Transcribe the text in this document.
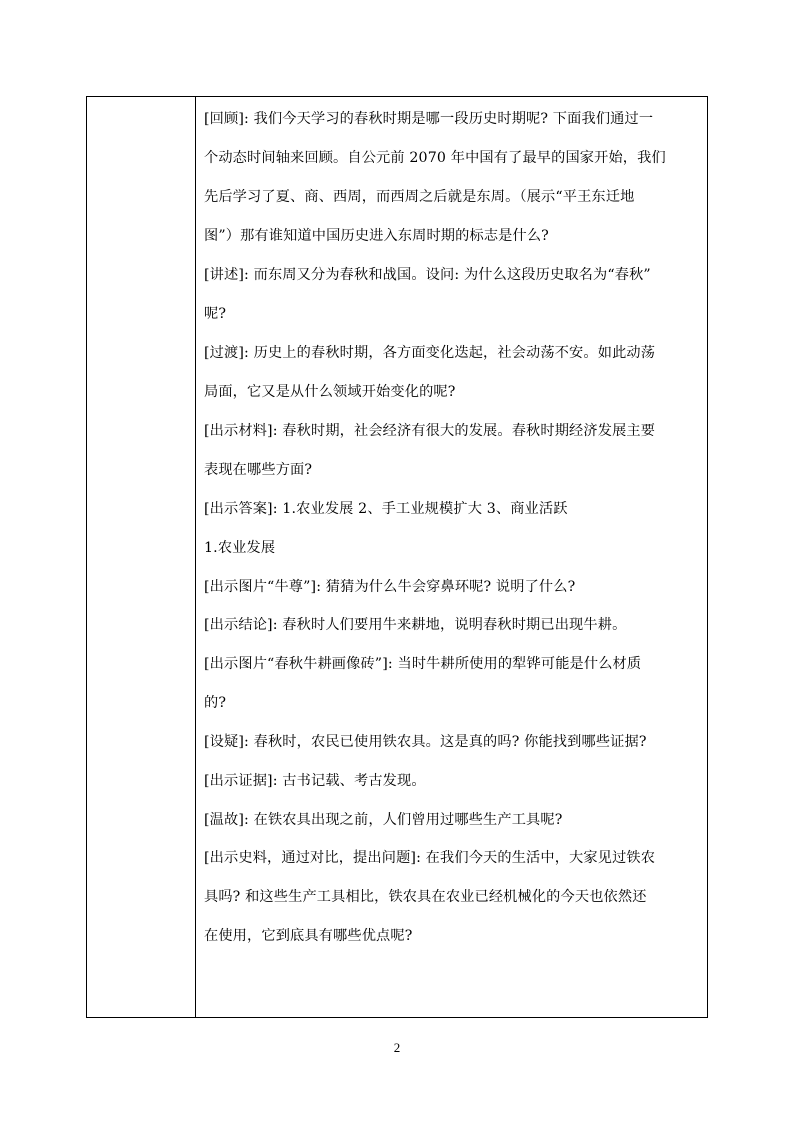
[回顾]: 我们今天学习的春秋时期是哪一段历史时期呢? 下面我们通过一
个动态时间轴来回顾。自公元前 2070 年中国有了最早的国家开始，我们
先后学习了夏、商、西周，而西周之后就是东周。（展示“平王东迁地
图”）那有谁知道中国历史进入东周时期的标志是什么?
[讲述]: 而东周又分为春秋和战国。设问: 为什么这段历史取名为“春秋”
呢?
[过渡]: 历史上的春秋时期，各方面变化迭起，社会动荡不安。如此动荡
局面，它又是从什么领域开始变化的呢?
[出示材料]: 春秋时期，社会经济有很大的发展。春秋时期经济发展主要
表现在哪些方面?
[出示答案]: 1.农业发展 2、手工业规模扩大 3、商业活跃
1.农业发展
[出示图片“牛尊”]: 猜猜为什么牛会穿鼻环呢? 说明了什么?
[出示结论]: 春秋时人们要用牛来耕地，说明春秋时期已出现牛耕。
[出示图片“春秋牛耕画像砖”]: 当时牛耕所使用的犁铧可能是什么材质
的?
[设疑]: 春秋时，农民已使用铁农具。这是真的吗? 你能找到哪些证据?
[出示证据]: 古书记载、考古发现。
[温故]: 在铁农具出现之前，人们曾用过哪些生产工具呢?
[出示史料，通过对比，提出问题]: 在我们今天的生活中，大家见过铁农
具吗? 和这些生产工具相比，铁农具在农业已经机械化的今天也依然还
在使用，它到底具有哪些优点呢?
2
